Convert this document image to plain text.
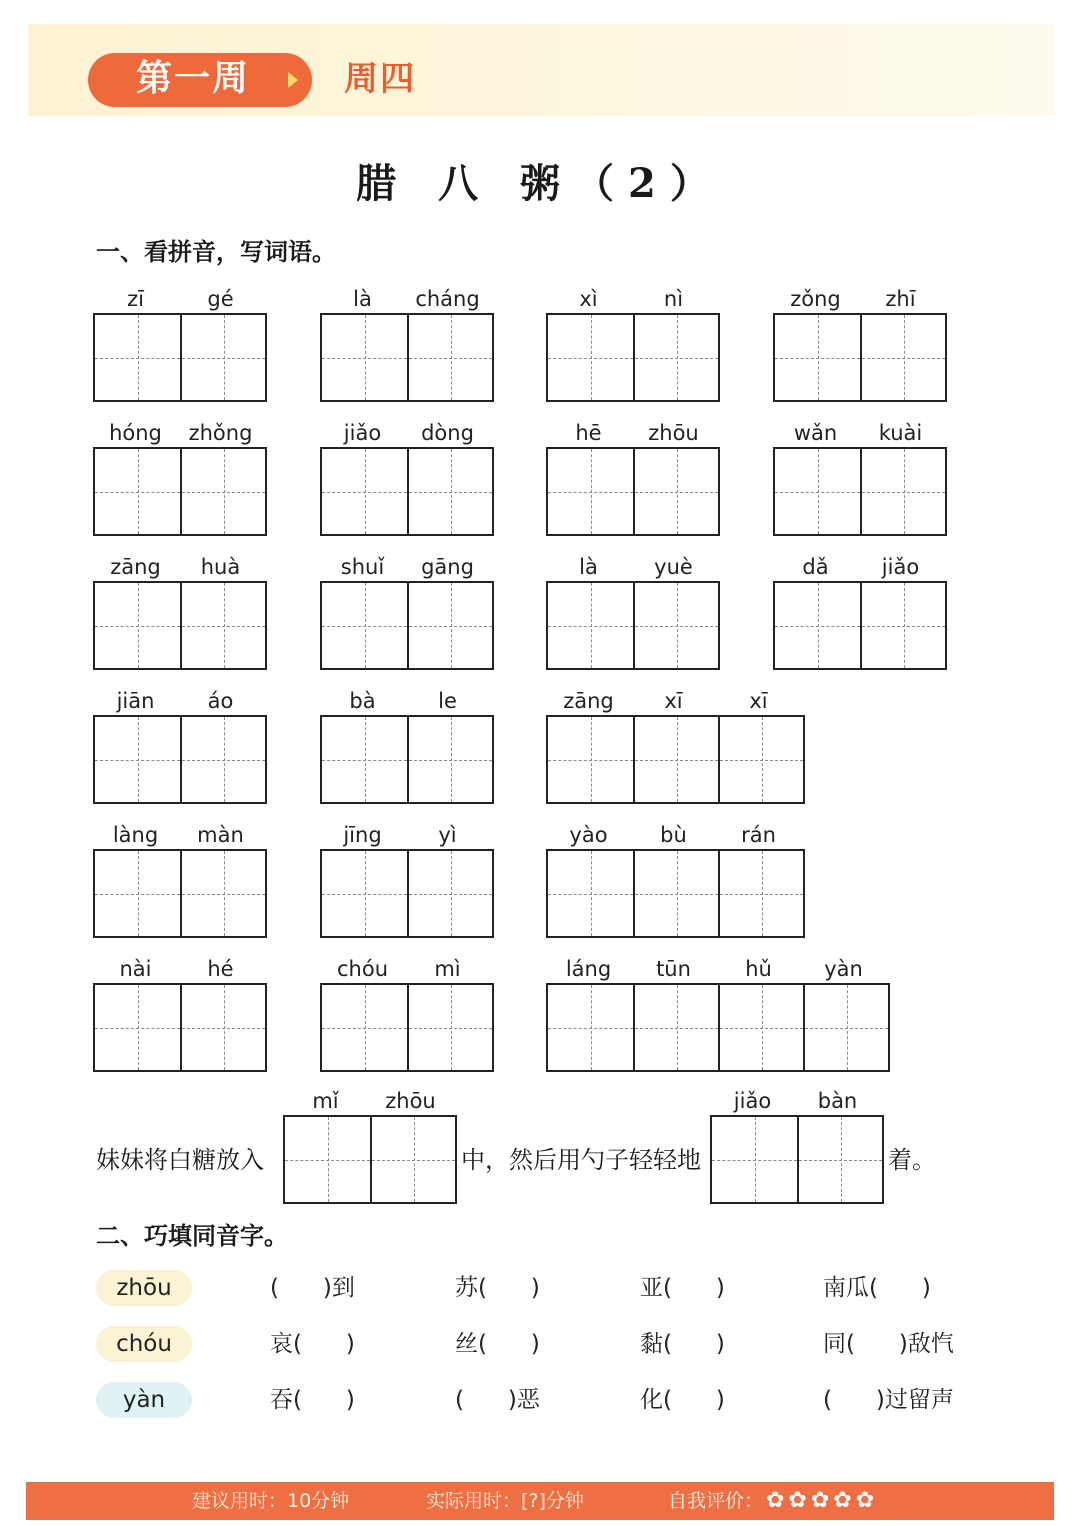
第一周	周四
腊 八 粥（2）
一、看拼音，写词语。
zī	gé	là	cháng	xì	nì	zǒng	zhī
hóng	zhǒng	jiǎo	dòng	hē	zhōu	wǎn	kuài
zāng	huà	shuǐ	gāng	là	yuè	dǎ	jiǎo
jiān	áo	bà	le	zāng	xī	xī
làng	màn	jīng	yì	yào	bù	rán
nài	hé	chóu	mì	láng	tūn	hǔ	yàn
妹妹将白糖放入
mǐ	zhōu
中，然后用勺子轻轻地
jiǎo	bàn
着。
二、巧填同音字。
zhōu	(      )到	苏(      )	亚(      )	南瓜(      )
chóu	哀(      )	丝(      )	黏(      )	同(      )敌忾
yàn	吞(      )	(      )恶	化(      )	(      )过留声
建议用时：10分钟	实际用时：[?]分钟	自我评价： ✿✿✿✿✿
